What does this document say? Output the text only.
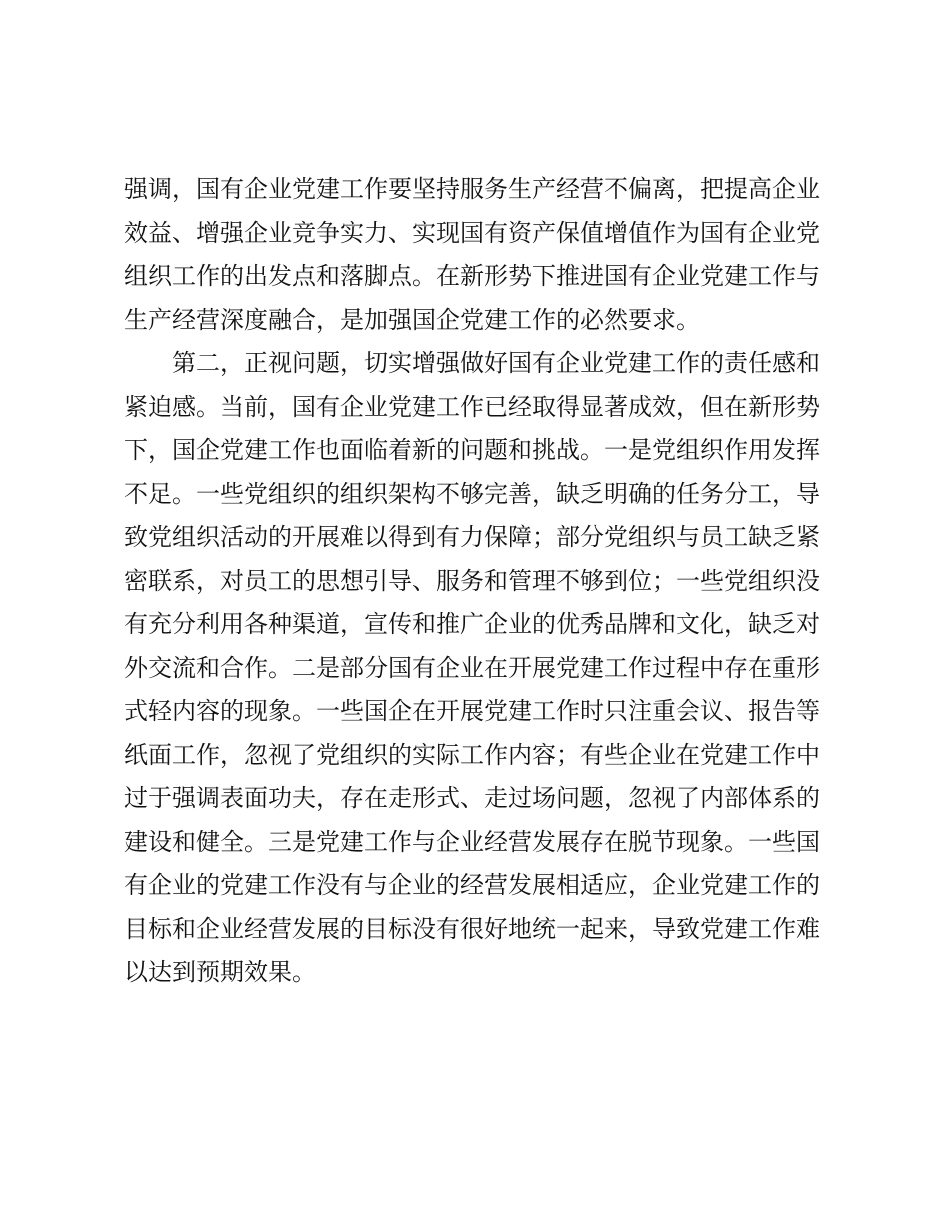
强调，国有企业党建工作要坚持服务生产经营不偏离，把提高企业效益、增强企业竞争实力、实现国有资产保值增值作为国有企业党组织工作的出发点和落脚点。在新形势下推进国有企业党建工作与生产经营深度融合，是加强国企党建工作的必然要求。

第二，正视问题，切实增强做好国有企业党建工作的责任感和紧迫感。当前，国有企业党建工作已经取得显著成效，但在新形势下，国企党建工作也面临着新的问题和挑战。一是党组织作用发挥不足。一些党组织的组织架构不够完善，缺乏明确的任务分工，导致党组织活动的开展难以得到有力保障；部分党组织与员工缺乏紧密联系，对员工的思想引导、服务和管理不够到位；一些党组织没有充分利用各种渠道，宣传和推广企业的优秀品牌和文化，缺乏对外交流和合作。二是部分国有企业在开展党建工作过程中存在重形式轻内容的现象。一些国企在开展党建工作时只注重会议、报告等纸面工作，忽视了党组织的实际工作内容；有些企业在党建工作中过于强调表面功夫，存在走形式、走过场问题，忽视了内部体系的建设和健全。三是党建工作与企业经营发展存在脱节现象。一些国有企业的党建工作没有与企业的经营发展相适应，企业党建工作的目标和企业经营发展的目标没有很好地统一起来，导致党建工作难以达到预期效果。
